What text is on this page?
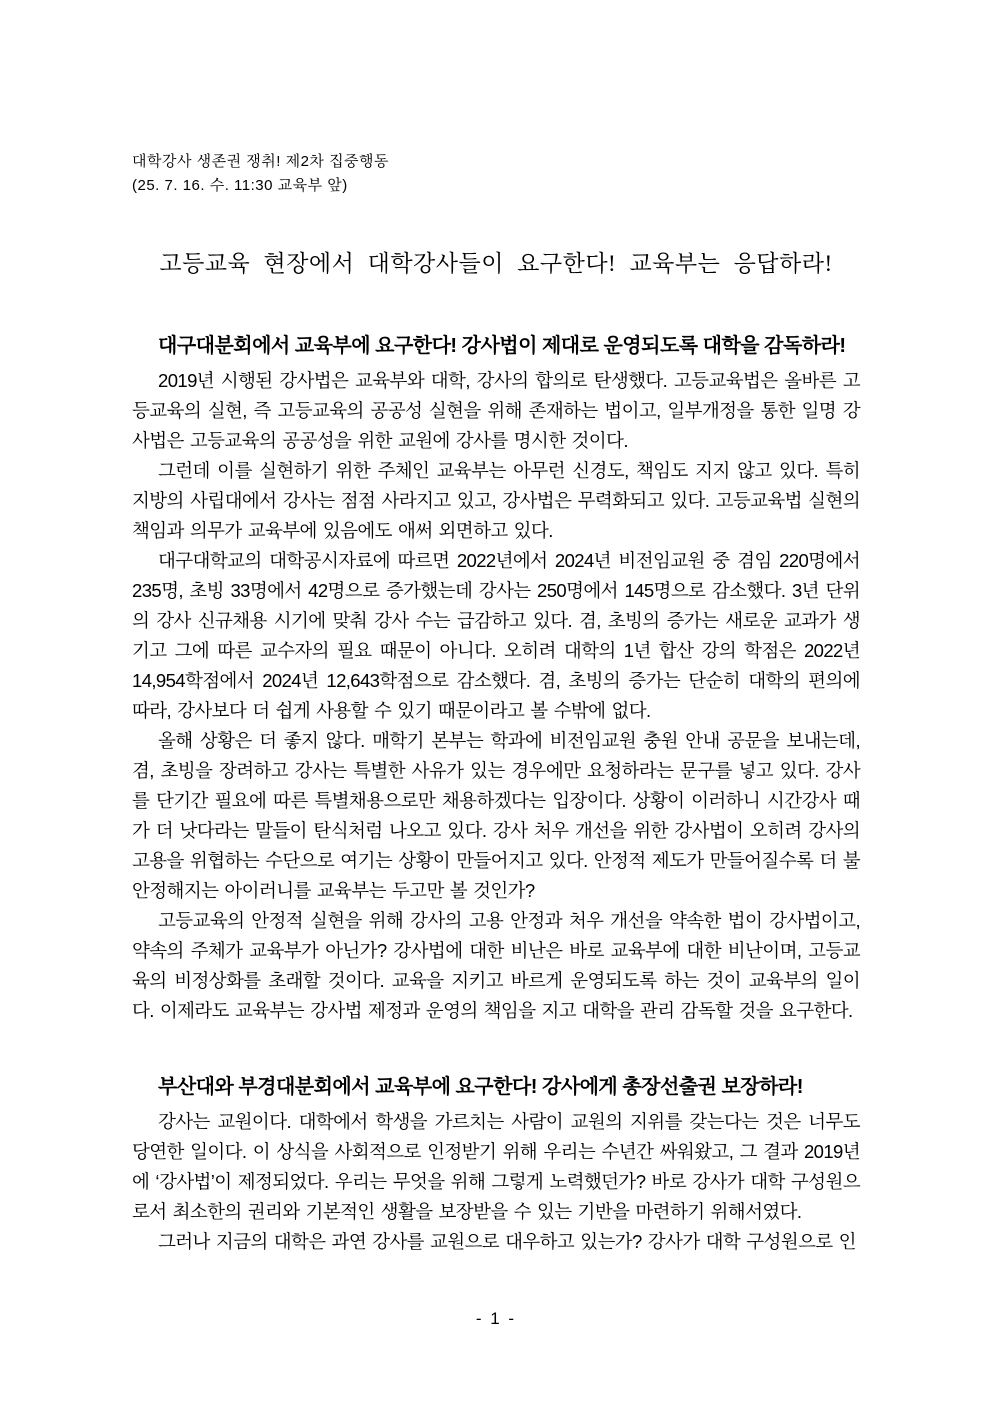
대학강사 생존권 쟁취! 제2차 집중행동
(25. 7. 16. 수. 11:30 교육부 앞)
고등교육 현장에서 대학강사들이 요구한다! 교육부는 응답하라!
대구대분회에서 교육부에 요구한다! 강사법이 제대로 운영되도록 대학을 감독하라!

2019년 시행된 강사법은 교육부와 대학, 강사의 합의로 탄생했다. 고등교육법은 올바른 고등교육의 실현, 즉 고등교육의 공공성 실현을 위해 존재하는 법이고, 일부개정을 통한 일명 강사법은 고등교육의 공공성을 위한 교원에 강사를 명시한 것이다.

그런데 이를 실현하기 위한 주체인 교육부는 아무런 신경도, 책임도 지지 않고 있다. 특히 지방의 사립대에서 강사는 점점 사라지고 있고, 강사법은 무력화되고 있다. 고등교육법 실현의 책임과 의무가 교육부에 있음에도 애써 외면하고 있다.

대구대학교의 대학공시자료에 따르면 2022년에서 2024년 비전임교원 중 겸임 220명에서 235명, 초빙 33명에서 42명으로 증가했는데 강사는 250명에서 145명으로 감소했다. 3년 단위의 강사 신규채용 시기에 맞춰 강사 수는 급감하고 있다. 겸, 초빙의 증가는 새로운 교과가 생기고 그에 따른 교수자의 필요 때문이 아니다. 오히려 대학의 1년 합산 강의 학점은 2022년 14,954학점에서 2024년 12,643학점으로 감소했다. 겸, 초빙의 증가는 단순히 대학의 편의에 따라, 강사보다 더 쉽게 사용할 수 있기 때문이라고 볼 수밖에 없다.

올해 상황은 더 좋지 않다. 매학기 본부는 학과에 비전임교원 충원 안내 공문을 보내는데, 겸, 초빙을 장려하고 강사는 특별한 사유가 있는 경우에만 요청하라는 문구를 넣고 있다. 강사를 단기간 필요에 따른 특별채용으로만 채용하겠다는 입장이다. 상황이 이러하니 시간강사 때가 더 낫다라는 말들이 탄식처럼 나오고 있다. 강사 처우 개선을 위한 강사법이 오히려 강사의 고용을 위협하는 수단으로 여기는 상황이 만들어지고 있다. 안정적 제도가 만들어질수록 더 불안정해지는 아이러니를 교육부는 두고만 볼 것인가?

고등교육의 안정적 실현을 위해 강사의 고용 안정과 처우 개선을 약속한 법이 강사법이고, 약속의 주체가 교육부가 아닌가? 강사법에 대한 비난은 바로 교육부에 대한 비난이며, 고등교육의 비정상화를 초래할 것이다. 교육을 지키고 바르게 운영되도록 하는 것이 교육부의 일이다. 이제라도 교육부는 강사법 제정과 운영의 책임을 지고 대학을 관리 감독할 것을 요구한다.

부산대와 부경대분회에서 교육부에 요구한다! 강사에게 총장선출권 보장하라!

강사는 교원이다. 대학에서 학생을 가르치는 사람이 교원의 지위를 갖는다는 것은 너무도 당연한 일이다. 이 상식을 사회적으로 인정받기 위해 우리는 수년간 싸워왔고, 그 결과 2019년에 ‘강사법’이 제정되었다. 우리는 무엇을 위해 그렇게 노력했던가? 바로 강사가 대학 구성원으로서 최소한의 권리와 기본적인 생활을 보장받을 수 있는 기반을 마련하기 위해서였다.

그러나 지금의 대학은 과연 강사를 교원으로 대우하고 있는가? 강사가 대학 구성원으로 인

- 1 -
